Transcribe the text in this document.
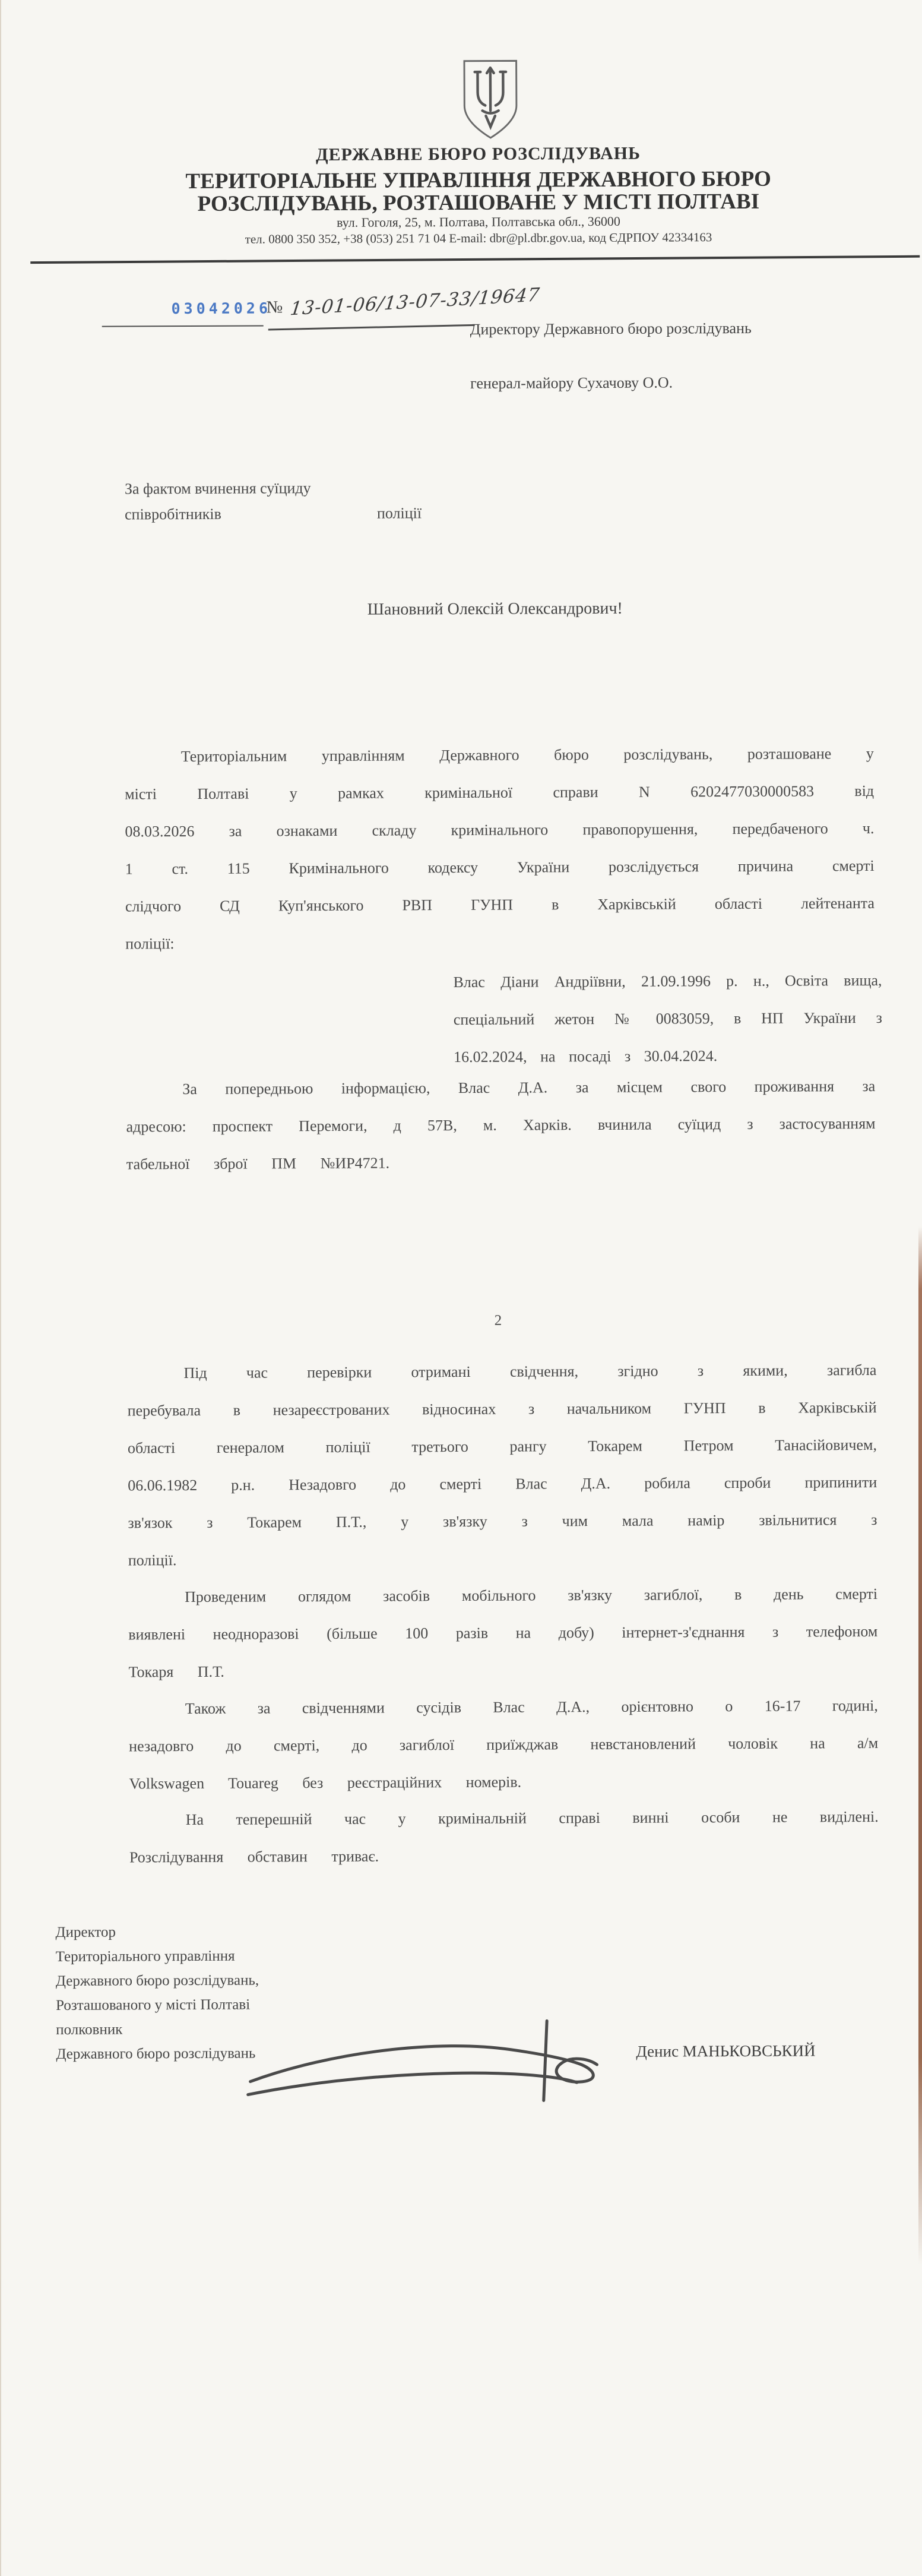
ДЕРЖАВНЕ БЮРО РОЗСЛІДУВАНЬ
ТЕРИТОРІАЛЬНЕ УПРАВЛІННЯ ДЕРЖАВНОГО БЮРО
РОЗСЛІДУВАНЬ, РОЗТАШОВАНЕ У МІСТІ ПОЛТАВІ
вул. Гоголя, 25, м. Полтава, Полтавська обл., 36000
тел. 0800 350 352, +38 (053) 251 71 04 E-mail: dbr@pl.dbr.gov.ua, код ЄДРПОУ 42334163
03042026
№ 13-01-06/13-07-33/19647
Директору Державного бюро розслідувань
генерал-майору Сухачову О.О.
За фактом вчинення суїциду
співробітників	поліції
Шановний Олексій Олександрович!
Територіальним управлінням Державного бюро розслідувань, розташоване у місті Полтаві у рамках кримінальної справи N 6202477030000583 від 08.03.2026 за ознаками складу кримінального правопорушення, передбаченого ч. 1 ст. 115 Кримінального кодексу України розслідується причина смерті слідчого СД Куп'янського РВП ГУНП в Харківській області лейтенанта поліції:
Влас Діани Андріївни, 21.09.1996 р. н., Освіта вища, спеціальний жетон № 0083059, в НП України з 16.02.2024, на посаді з 30.04.2024.
За попередньою інформацією, Влас Д.А. за місцем свого проживання за адресою: проспект Перемоги, д 57В, м. Харків. вчинила суїцид з застосуванням табельної зброї ПМ №ИР4721.
2
Під час перевірки отримані свідчення, згідно з якими, загибла перебувала в незареєстрованих відносинах з начальником ГУНП в Харківській області генералом поліції третього рангу Токарем Петром Танасійовичем, 06.06.1982 р.н. Незадовго до смерті Влас Д.А. робила спроби припинити зв'язок з Токарем П.Т., у зв'язку з чим мала намір звільнитися з поліції.
Проведеним оглядом засобів мобільного зв'язку загиблої, в день смерті виявлені неодноразові (більше 100 разів на добу) інтернет-з'єднання з телефоном Токаря П.Т.
Також за свідченнями сусідів Влас Д.А., орієнтовно о 16-17 годині, незадовго до смерті, до загиблої приїжджав невстановлений чоловік на а/м Volkswagen Touareg без реєстраційних номерів.
На теперешній час у кримінальній справі винні особи не виділені. Розслідування обставин триває.
Директор
Територіального управління
Державного бюро розслідувань,
Розташованого у місті Полтаві
полковник
Державного бюро розслідувань	Денис МАНЬКОВСЬКИЙ
